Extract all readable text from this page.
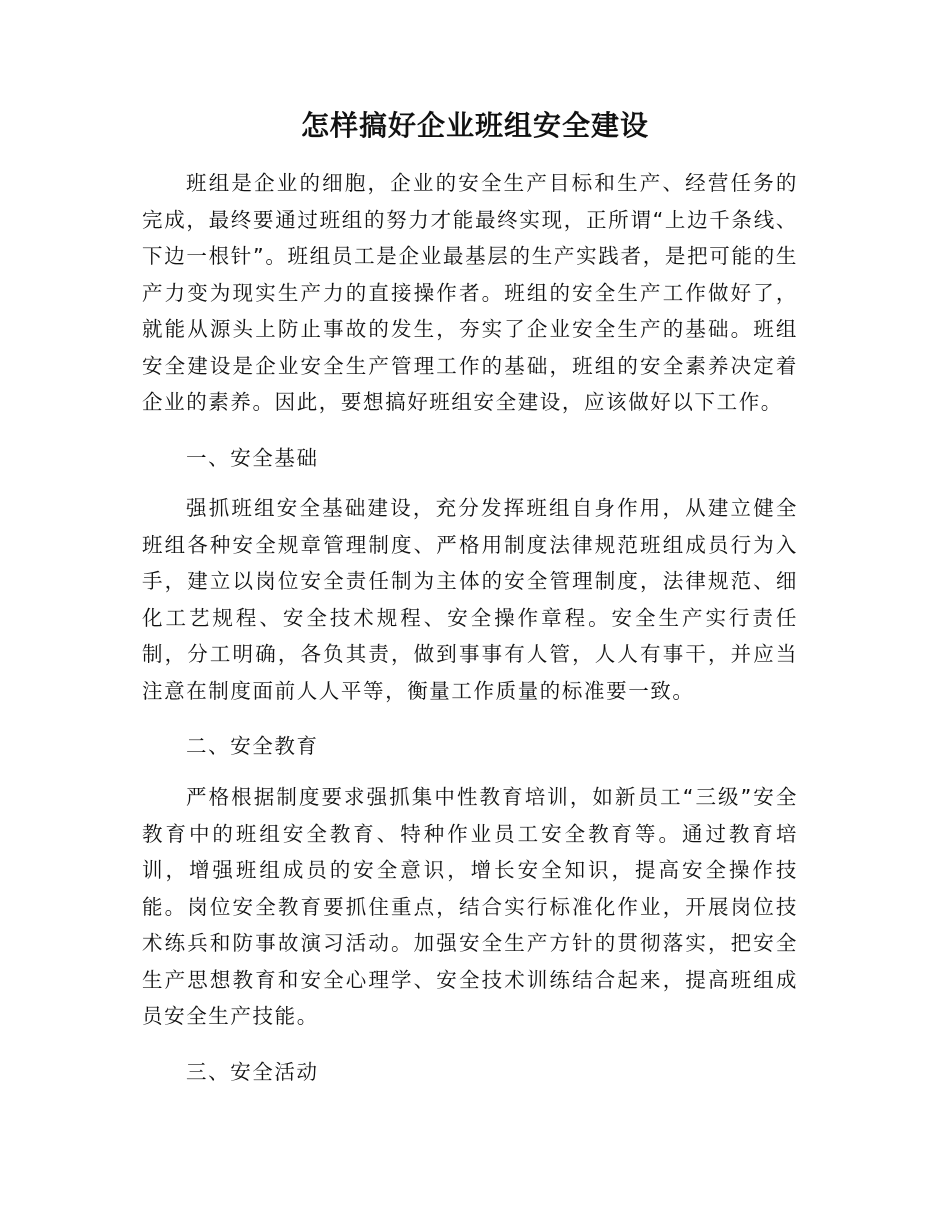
怎样搞好企业班组安全建设

班组是企业的细胞，企业的安全生产目标和生产、经营任务的完成，最终要通过班组的努力才能最终实现，正所谓“上边千条线、下边一根针”。班组员工是企业最基层的生产实践者，是把可能的生产力变为现实生产力的直接操作者。班组的安全生产工作做好了，就能从源头上防止事故的发生，夯实了企业安全生产的基础。班组安全建设是企业安全生产管理工作的基础，班组的安全素养决定着企业的素养。因此，要想搞好班组安全建设，应该做好以下工作。

一、安全基础

强抓班组安全基础建设，充分发挥班组自身作用，从建立健全班组各种安全规章管理制度、严格用制度法律规范班组成员行为入手，建立以岗位安全责任制为主体的安全管理制度，法律规范、细化工艺规程、安全技术规程、安全操作章程。安全生产实行责任制，分工明确，各负其责，做到事事有人管，人人有事干，并应当注意在制度面前人人平等，衡量工作质量的标准要一致。

二、安全教育

严格根据制度要求强抓集中性教育培训，如新员工“三级”安全教育中的班组安全教育、特种作业员工安全教育等。通过教育培训，增强班组成员的安全意识，增长安全知识，提高安全操作技能。岗位安全教育要抓住重点，结合实行标准化作业，开展岗位技术练兵和防事故演习活动。加强安全生产方针的贯彻落实，把安全生产思想教育和安全心理学、安全技术训练结合起来，提高班组成员安全生产技能。

三、安全活动
